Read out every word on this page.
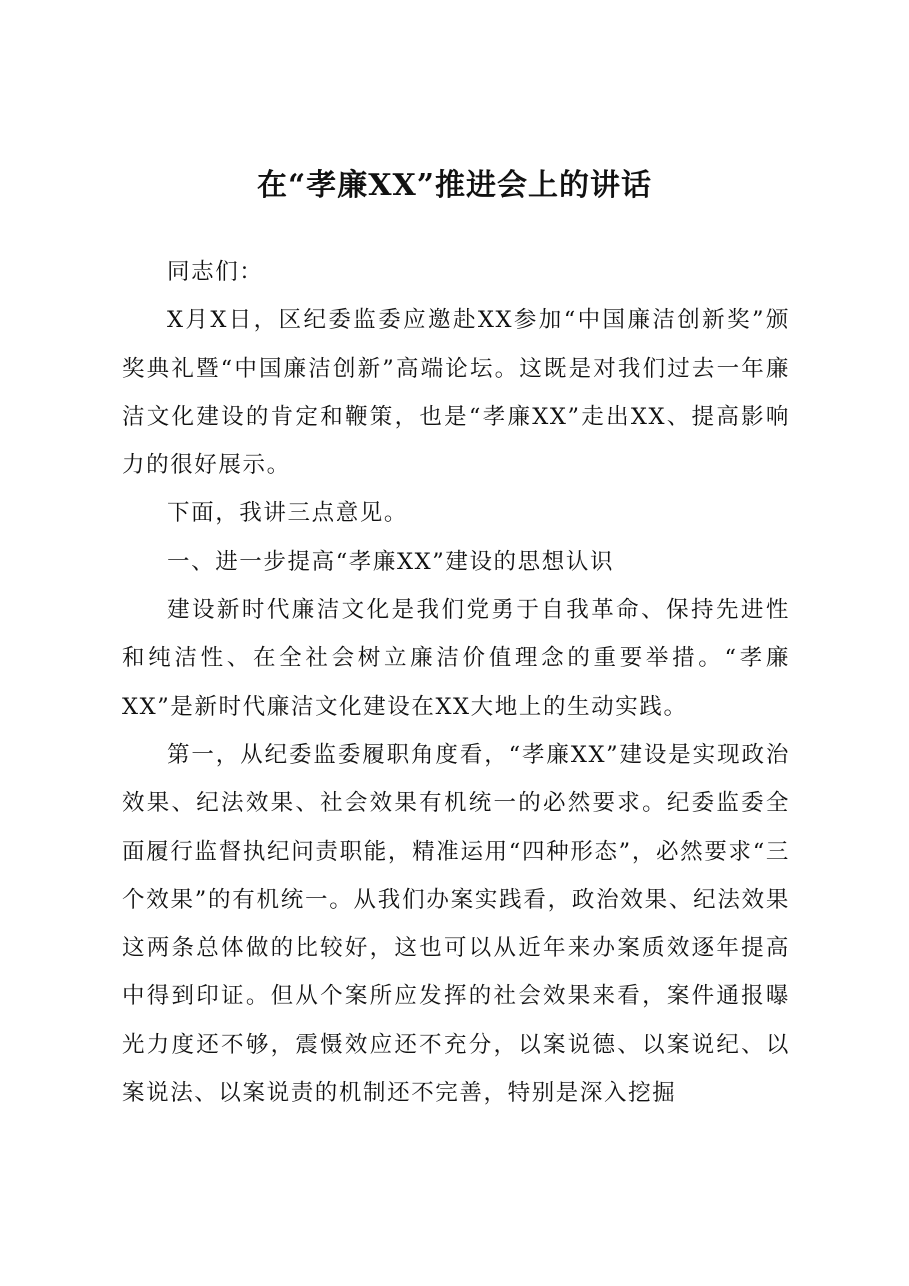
在“孝廉XX”推进会上的讲话

同志们：

X月X日，区纪委监委应邀赴XX参加“中国廉洁创新奖”颁奖典礼暨“中国廉洁创新”高端论坛。这既是对我们过去一年廉洁文化建设的肯定和鞭策，也是“孝廉XX”走出XX、提高影响力的很好展示。

下面，我讲三点意见。

一、进一步提高“孝廉XX”建设的思想认识

建设新时代廉洁文化是我们党勇于自我革命、保持先进性和纯洁性、在全社会树立廉洁价值理念的重要举措。“孝廉XX”是新时代廉洁文化建设在XX大地上的生动实践。

第一，从纪委监委履职角度看，“孝廉XX”建设是实现政治效果、纪法效果、社会效果有机统一的必然要求。纪委监委全面履行监督执纪问责职能，精准运用“四种形态”，必然要求“三个效果”的有机统一。从我们办案实践看，政治效果、纪法效果这两条总体做的比较好，这也可以从近年来办案质效逐年提高中得到印证。但从个案所应发挥的社会效果来看，案件通报曝光力度还不够，震慑效应还不充分，以案说德、以案说纪、以案说法、以案说责的机制还不完善，特别是深入挖掘
